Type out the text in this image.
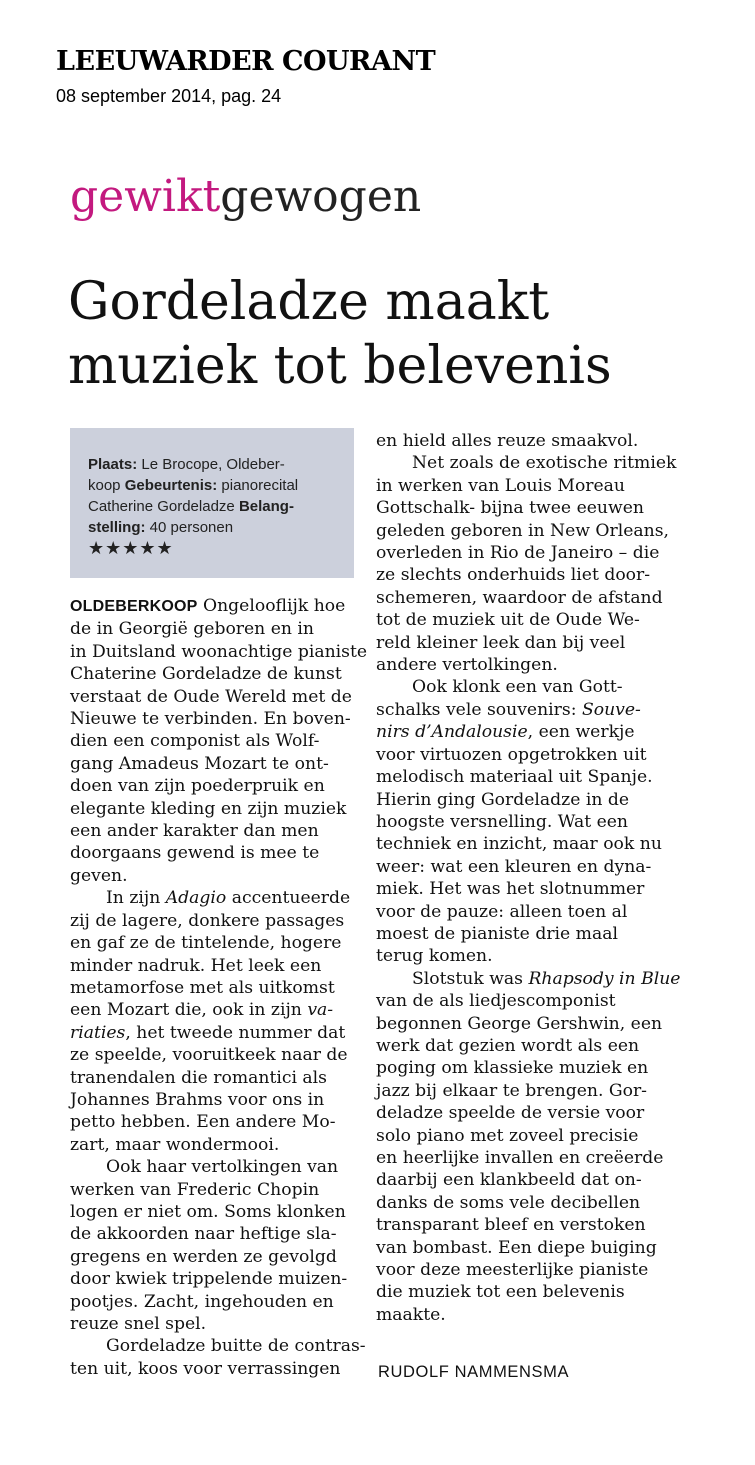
LEEUWARDER COURANT
08 september 2014, pag. 24
gewiktgewogen
Gordeladze maakt
muziek tot belevenis
Plaats: Le Brocope, Oldeber-
koop Gebeurtenis: pianorecital
Catherine Gordeladze Belang-
stelling: 40 personen
★★★★★
OLDEBERKOOP Ongelooflijk hoe
de in Georgië geboren en in
in Duitsland woonachtige pianiste
Chaterine Gordeladze de kunst
verstaat de Oude Wereld met de
Nieuwe te verbinden. En boven-
dien een componist als Wolf-
gang Amadeus Mozart te ont-
doen van zijn poederpruik en
elegante kleding en zijn muziek
een ander karakter dan men
doorgaans gewend is mee te
geven.
In zijn Adagio accentueerde
zij de lagere, donkere passages
en gaf ze de tintelende, hogere
minder nadruk. Het leek een
metamorfose met als uitkomst
een Mozart die, ook in zijn va-
riaties, het tweede nummer dat
ze speelde, vooruitkeek naar de
tranendalen die romantici als
Johannes Brahms voor ons in
petto hebben. Een andere Mo-
zart, maar wondermooi.
Ook haar vertolkingen van
werken van Frederic Chopin
logen er niet om. Soms klonken
de akkoorden naar heftige sla-
gregens en werden ze gevolgd
door kwiek trippelende muizen-
pootjes. Zacht, ingehouden en
reuze snel spel.
Gordeladze buitte de contras-
ten uit, koos voor verrassingen
en hield alles reuze smaakvol.
Net zoals de exotische ritmiek
in werken van Louis Moreau
Gottschalk- bijna twee eeuwen
geleden geboren in New Orleans,
overleden in Rio de Janeiro – die
ze slechts onderhuids liet door-
schemeren, waardoor de afstand
tot de muziek uit de Oude We-
reld kleiner leek dan bij veel
andere vertolkingen.
Ook klonk een van Gott-
schalks vele souvenirs: Souve-
nirs d’Andalousie, een werkje
voor virtuozen opgetrokken uit
melodisch materiaal uit Spanje.
Hierin ging Gordeladze in de
hoogste versnelling. Wat een
techniek en inzicht, maar ook nu
weer: wat een kleuren en dyna-
miek. Het was het slotnummer
voor de pauze: alleen toen al
moest de pianiste drie maal
terug komen.
Slotstuk was Rhapsody in Blue
van de als liedjescomponist
begonnen George Gershwin, een
werk dat gezien wordt als een
poging om klassieke muziek en
jazz bij elkaar te brengen. Gor-
deladze speelde de versie voor
solo piano met zoveel precisie
en heerlijke invallen en creëerde
daarbij een klankbeeld dat on-
danks de soms vele decibellen
transparant bleef en verstoken
van bombast. Een diepe buiging
voor deze meesterlijke pianiste
die muziek tot een belevenis
maakte.
RUDOLF NAMMENSMA
